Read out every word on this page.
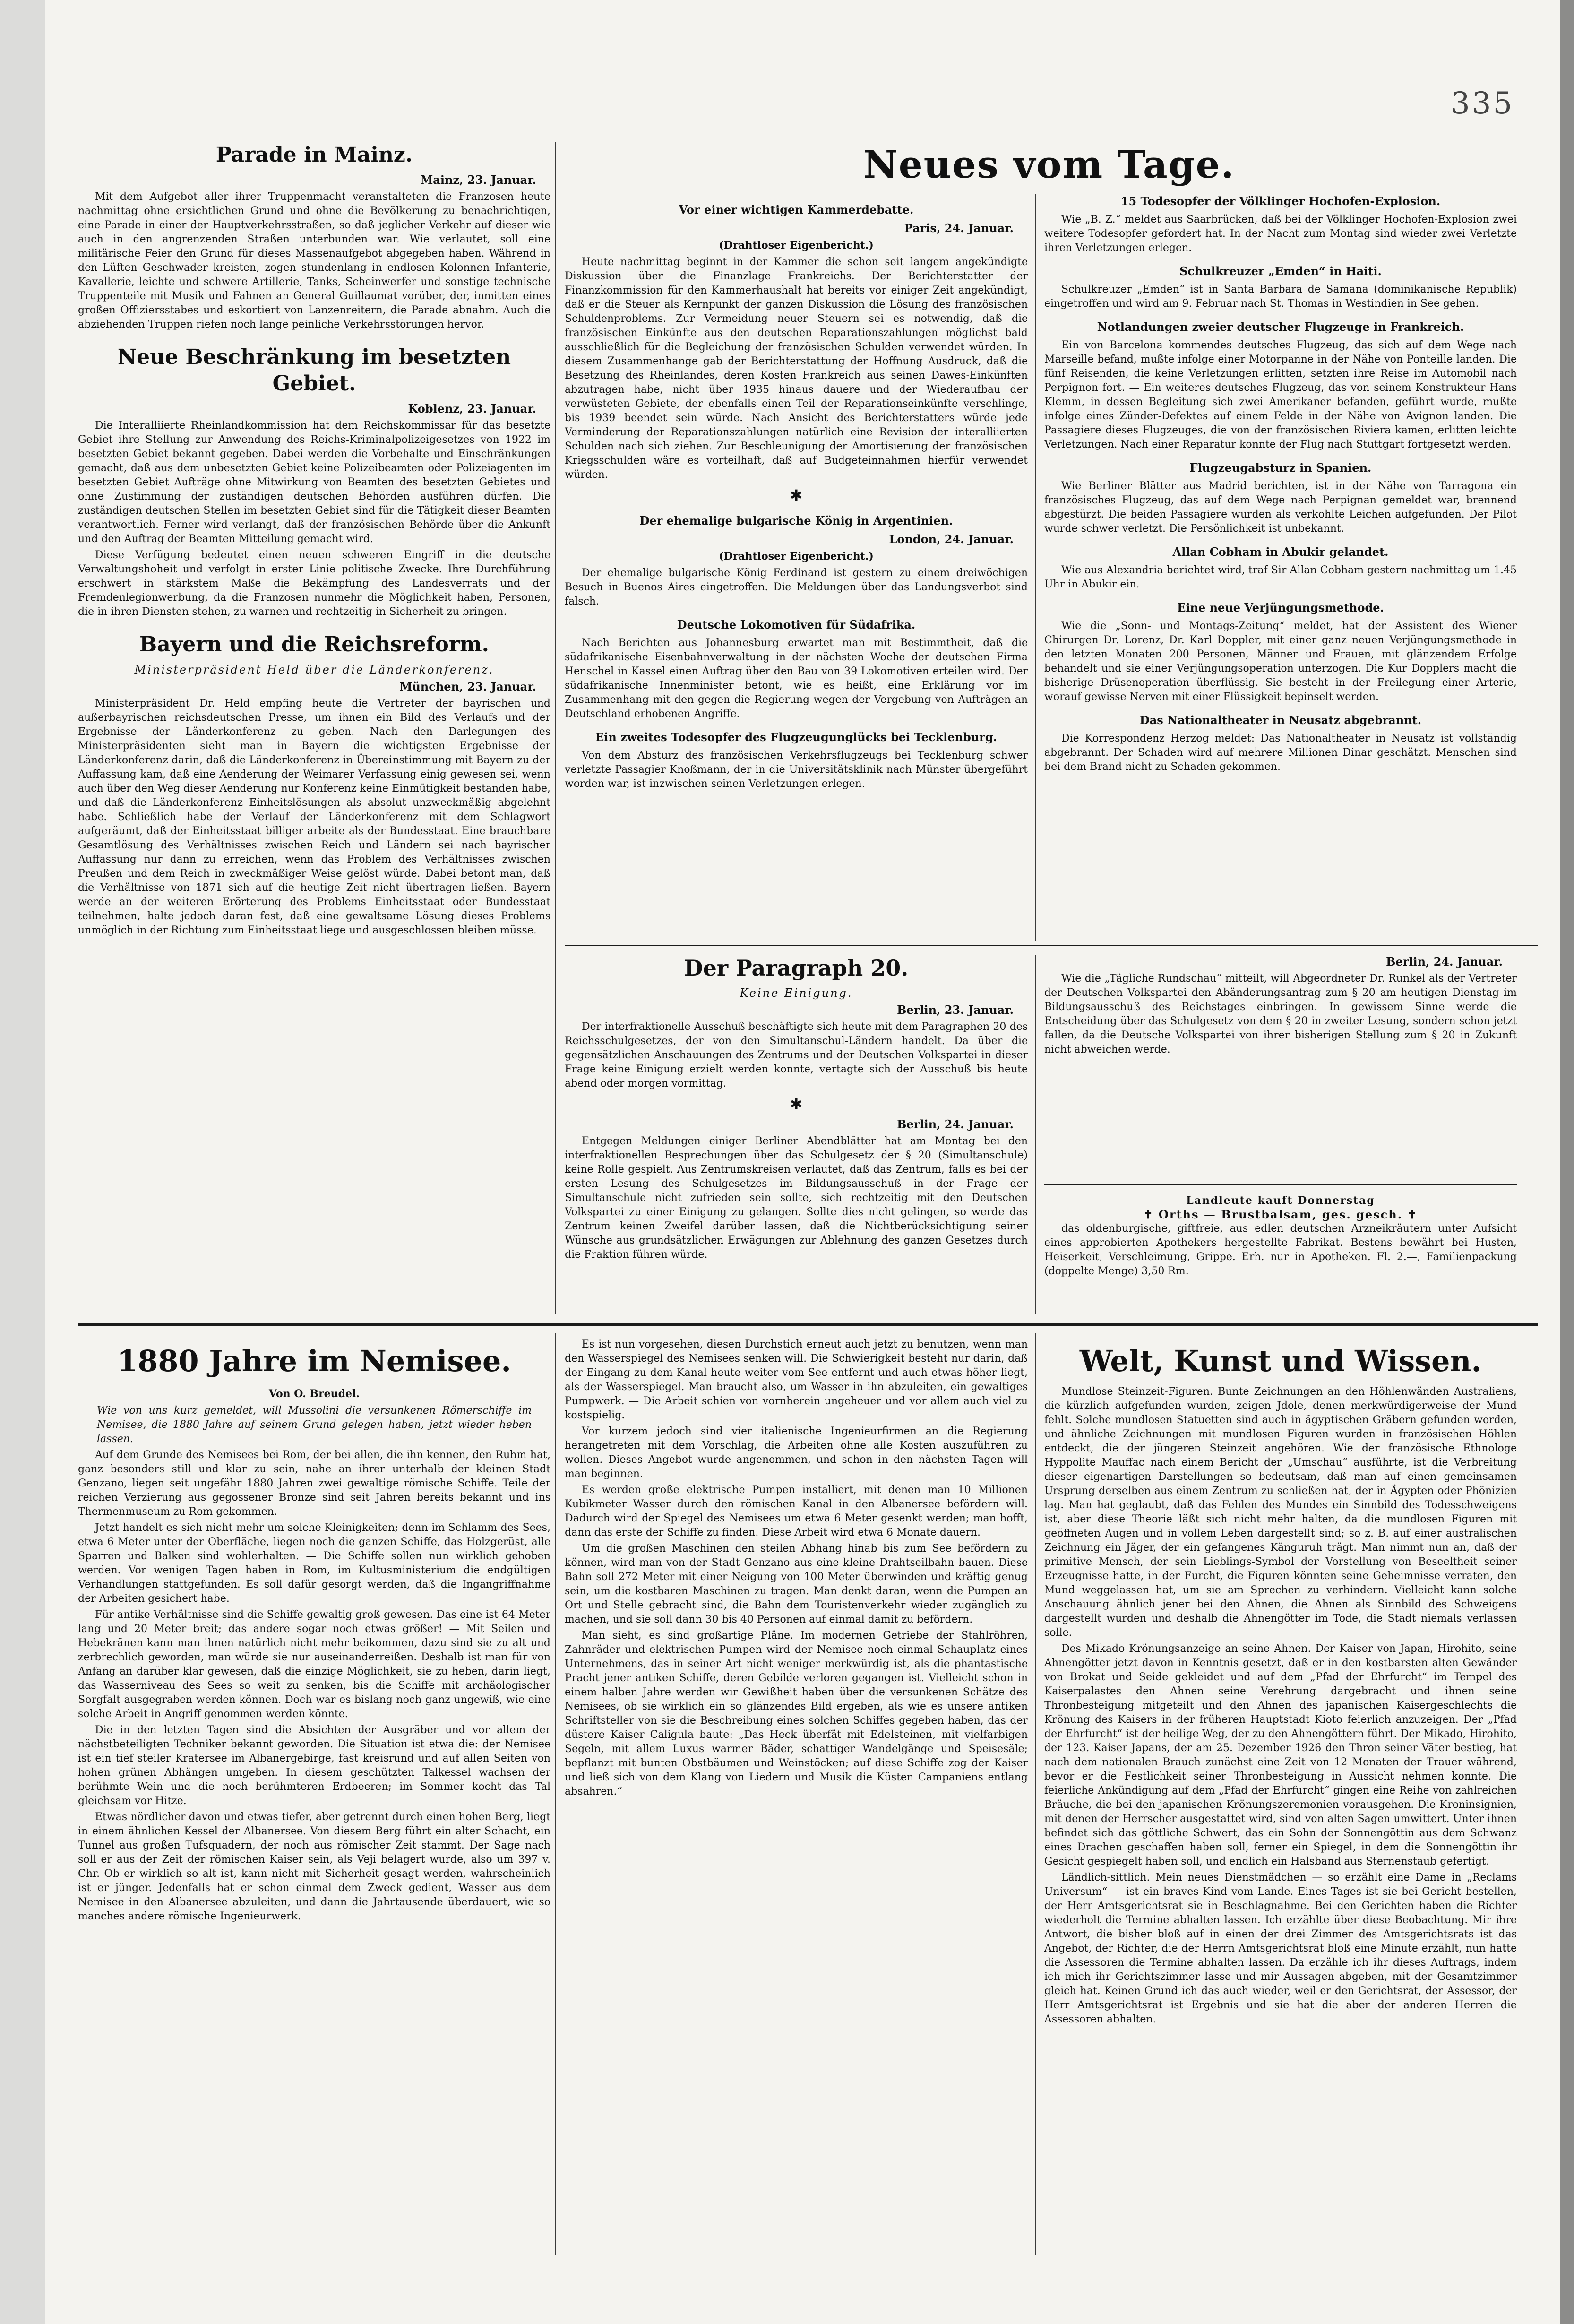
335
Parade in Mainz.
Mainz, 23. Januar.

Mit dem Aufgebot aller ihrer Truppenmacht veranstalteten die Franzosen heute nachmittag ohne ersichtlichen Grund und ohne die Bevölkerung zu benachrichtigen, eine Parade in einer der Hauptverkehrsstraßen, so daß jeglicher Verkehr auf dieser wie auch in den angrenzenden Straßen unterbunden war. Wie verlautet, soll eine militärische Feier den Grund für dieses Massenaufgebot abgegeben haben. Während in den Lüften Geschwader kreisten, zogen stundenlang in endlosen Kolonnen Infanterie, Kavallerie, leichte und schwere Artillerie, Tanks, Scheinwerfer und sonstige technische Truppenteile mit Musik und Fahnen an General Guillaumat vorüber, der, inmitten eines großen Offiziersstabes und eskortiert von Lanzenreitern, die Parade abnahm. Auch die abziehenden Truppen riefen noch lange peinliche Verkehrsstörungen hervor.

Neue Beschränkung im besetzten Gebiet.
Koblenz, 23. Januar.

Die Interalliierte Rheinlandkommission hat dem Reichskommissar für das besetzte Gebiet ihre Stellung zur Anwendung des Reichs-Kriminalpolizeigesetzes von 1922 im besetzten Gebiet bekannt gegeben. Dabei werden die Vorbehalte und Einschränkungen gemacht, daß aus dem unbesetzten Gebiet keine Polizeibeamten oder Polizeiagenten im besetzten Gebiet Aufträge ohne Mitwirkung von Beamten des besetzten Gebietes und ohne Zustimmung der zuständigen deutschen Behörden ausführen dürfen. Die zuständigen deutschen Stellen im besetzten Gebiet sind für die Tätigkeit dieser Beamten verantwortlich. Ferner wird verlangt, daß der französischen Behörde über die Ankunft und den Auftrag der Beamten Mitteilung gemacht wird.

Diese Verfügung bedeutet einen neuen schweren Eingriff in die deutsche Verwaltungshoheit und verfolgt in erster Linie politische Zwecke. Ihre Durchführung erschwert in stärkstem Maße die Bekämpfung des Landesverrats und der Fremdenlegionwerbung, da die Franzosen nunmehr die Möglichkeit haben, Personen, die in ihren Diensten stehen, zu warnen und rechtzeitig in Sicherheit zu bringen.

Bayern und die Reichsreform.
Ministerpräsident Held über die Länderkonferenz.
München, 23. Januar.

Ministerpräsident Dr. Held empfing heute die Vertreter der bayrischen und außerbayrischen reichsdeutschen Presse, um ihnen ein Bild des Verlaufs und der Ergebnisse der Länderkonferenz zu geben. Nach den Darlegungen des Ministerpräsidenten sieht man in Bayern die wichtigsten Ergebnisse der Länderkonferenz darin, daß die Länderkonferenz in Übereinstimmung mit Bayern zu der Auffassung kam, daß eine Aenderung der Weimarer Verfassung einig gewesen sei, wenn auch über den Weg dieser Aenderung nur Konferenz keine Einmütigkeit bestanden habe, und daß die Länderkonferenz Einheitslösungen als absolut unzweckmäßig abgelehnt habe. Schließlich habe der Verlauf der Länderkonferenz mit dem Schlagwort aufgeräumt, daß der Einheitsstaat billiger arbeite als der Bundesstaat. Eine brauchbare Gesamtlösung des Verhältnisses zwischen Reich und Ländern sei nach bayrischer Auffassung nur dann zu erreichen, wenn das Problem des Verhältnisses zwischen Preußen und dem Reich in zweckmäßiger Weise gelöst würde. Dabei betont man, daß die Verhältnisse von 1871 sich auf die heutige Zeit nicht übertragen ließen. Bayern werde an der weiteren Erörterung des Problems Einheitsstaat oder Bundesstaat teilnehmen, halte jedoch daran fest, daß eine gewaltsame Lösung dieses Problems unmöglich in der Richtung zum Einheitsstaat liege und ausgeschlossen bleiben müsse.

Neues vom Tage.
Vor einer wichtigen Kammerdebatte.
Paris, 24. Januar.
(Drahtloser Eigenbericht.)

Heute nachmittag beginnt in der Kammer die schon seit langem angekündigte Diskussion über die Finanzlage Frankreichs. Der Berichterstatter der Finanzkommission für den Kammerhaushalt hat bereits vor einiger Zeit angekündigt, daß er die Steuer als Kernpunkt der ganzen Diskussion die Lösung des französischen Schuldenproblems. Zur Vermeidung neuer Steuern sei es notwendig, daß die französischen Einkünfte aus den deutschen Reparationszahlungen möglichst bald ausschließlich für die Begleichung der französischen Schulden verwendet würden. In diesem Zusammenhange gab der Berichterstattung der Hoffnung Ausdruck, daß die Besetzung des Rheinlandes, deren Kosten Frankreich aus seinen Dawes-Einkünften abzutragen habe, nicht über 1935 hinaus dauere und der Wiederaufbau der verwüsteten Gebiete, der ebenfalls einen Teil der Reparationseinkünfte verschlinge, bis 1939 beendet sein würde. Nach Ansicht des Berichterstatters würde jede Verminderung der Reparationszahlungen natürlich eine Revision der interalliierten Schulden nach sich ziehen. Zur Beschleunigung der Amortisierung der französischen Kriegsschulden wäre es vorteilhaft, daß auf Budgeteinnahmen hierfür verwendet würden.

✱
Der ehemalige bulgarische König in Argentinien.
London, 24. Januar.
(Drahtloser Eigenbericht.)

Der ehemalige bulgarische König Ferdinand ist gestern zu einem dreiwöchigen Besuch in Buenos Aires eingetroffen. Die Meldungen über das Landungsverbot sind falsch.

Deutsche Lokomotiven für Südafrika.

Nach Berichten aus Johannesburg erwartet man mit Bestimmtheit, daß die südafrikanische Eisenbahnverwaltung in der nächsten Woche der deutschen Firma Henschel in Kassel einen Auftrag über den Bau von 39 Lokomotiven erteilen wird. Der südafrikanische Innenminister betont, wie es heißt, eine Erklärung vor im Zusammenhang mit den gegen die Regierung wegen der Vergebung von Aufträgen an Deutschland erhobenen Angriffe.

Ein zweites Todesopfer des Flugzeugunglücks bei Tecklenburg.

Von dem Absturz des französischen Verkehrsflugzeugs bei Tecklenburg schwer verletzte Passagier Knoßmann, der in die Universitätsklinik nach Münster übergeführt worden war, ist inzwischen seinen Verletzungen erlegen.

15 Todesopfer der Völklinger Hochofen-Explosion.

Wie „B. Z.“ meldet aus Saarbrücken, daß bei der Völklinger Hochofen-Explosion zwei weitere Todesopfer gefordert hat. In der Nacht zum Montag sind wieder zwei Verletzte ihren Verletzungen erlegen.

Schulkreuzer „Emden“ in Haiti.

Schulkreuzer „Emden“ ist in Santa Barbara de Samana (dominikanische Republik) eingetroffen und wird am 9. Februar nach St. Thomas in Westindien in See gehen.

Notlandungen zweier deutscher Flugzeuge in Frankreich.

Ein von Barcelona kommendes deutsches Flugzeug, das sich auf dem Wege nach Marseille befand, mußte infolge einer Motorpanne in der Nähe von Ponteille landen. Die fünf Reisenden, die keine Verletzungen erlitten, setzten ihre Reise im Automobil nach Perpignon fort. — Ein weiteres deutsches Flugzeug, das von seinem Konstrukteur Hans Klemm, in dessen Begleitung sich zwei Amerikaner befanden, geführt wurde, mußte infolge eines Zünder-Defektes auf einem Felde in der Nähe von Avignon landen. Die Passagiere dieses Flugzeuges, die von der französischen Riviera kamen, erlitten leichte Verletzungen. Nach einer Reparatur konnte der Flug nach Stuttgart fortgesetzt werden.

Flugzeugabsturz in Spanien.

Wie Berliner Blätter aus Madrid berichten, ist in der Nähe von Tarragona ein französisches Flugzeug, das auf dem Wege nach Perpignan gemeldet war, brennend abgestürzt. Die beiden Passagiere wurden als verkohlte Leichen aufgefunden. Der Pilot wurde schwer verletzt. Die Persönlichkeit ist unbekannt.

Allan Cobham in Abukir gelandet.

Wie aus Alexandria berichtet wird, traf Sir Allan Cobham gestern nachmittag um 1.45 Uhr in Abukir ein.

Eine neue Verjüngungsmethode.

Wie die „Sonn- und Montags-Zeitung“ meldet, hat der Assistent des Wiener Chirurgen Dr. Lorenz, Dr. Karl Doppler, mit einer ganz neuen Verjüngungsmethode in den letzten Monaten 200 Personen, Männer und Frauen, mit glänzendem Erfolge behandelt und sie einer Verjüngungsoperation unterzogen. Die Kur Dopplers macht die bisherige Drüsenoperation überflüssig. Sie besteht in der Freilegung einer Arterie, worauf gewisse Nerven mit einer Flüssigkeit bepinselt werden.

Das Nationaltheater in Neusatz abgebrannt.

Die Korrespondenz Herzog meldet: Das Nationaltheater in Neusatz ist vollständig abgebrannt. Der Schaden wird auf mehrere Millionen Dinar geschätzt. Menschen sind bei dem Brand nicht zu Schaden gekommen.

Der Paragraph 20.
Keine Einigung.
Berlin, 23. Januar.

Der interfraktionelle Ausschuß beschäftigte sich heute mit dem Paragraphen 20 des Reichsschulgesetzes, der von den Simultanschul-Ländern handelt. Da über die gegensätzlichen Anschauungen des Zentrums und der Deutschen Volkspartei in dieser Frage keine Einigung erzielt werden konnte, vertagte sich der Ausschuß bis heute abend oder morgen vormittag.

✱
Berlin, 24. Januar.

Entgegen Meldungen einiger Berliner Abendblätter hat am Montag bei den interfraktionellen Besprechungen über das Schulgesetz der § 20 (Simultanschule) keine Rolle gespielt. Aus Zentrumskreisen verlautet, daß das Zentrum, falls es bei der ersten Lesung des Schulgesetzes im Bildungsausschuß in der Frage der Simultanschule nicht zufrieden sein sollte, sich rechtzeitig mit den Deutschen Volkspartei zu einer Einigung zu gelangen. Sollte dies nicht gelingen, so werde das Zentrum keinen Zweifel darüber lassen, daß die Nichtberücksichtigung seiner Wünsche aus grundsätzlichen Erwägungen zur Ablehnung des ganzen Gesetzes durch die Fraktion führen würde.

Berlin, 24. Januar.

Wie die „Tägliche Rundschau“ mitteilt, will Abgeordneter Dr. Runkel als der Vertreter der Deutschen Volkspartei den Abänderungsantrag zum § 20 am heutigen Dienstag im Bildungsausschuß des Reichstages einbringen. In gewissem Sinne werde die Entscheidung über das Schulgesetz von dem § 20 in zweiter Lesung, sondern schon jetzt fallen, da die Deutsche Volkspartei von ihrer bisherigen Stellung zum § 20 in Zukunft nicht abweichen werde.

Landleute kauft Donnerstag
✝ Orths — Brustbalsam, ges. gesch. ✝

das oldenburgische, giftfreie, aus edlen deutschen Arzneikräutern unter Aufsicht eines approbierten Apothekers hergestellte Fabrikat. Bestens bewährt bei Husten, Heiserkeit, Verschleimung, Grippe. Erh. nur in Apotheken. Fl. 2.—, Familienpackung (doppelte Menge) 3,50 Rm.

1880 Jahre im Nemisee.
Von O. Breudel.

Wie von uns kurz gemeldet, will Mussolini die versunkenen Römerschiffe im Nemisee, die 1880 Jahre auf seinem Grund gelegen haben, jetzt wieder heben lassen.

Auf dem Grunde des Nemisees bei Rom, der bei allen, die ihn kennen, den Ruhm hat, ganz besonders still und klar zu sein, nahe an ihrer unterhalb der kleinen Stadt Genzano, liegen seit ungefähr 1880 Jahren zwei gewaltige römische Schiffe. Teile der reichen Verzierung aus gegossener Bronze sind seit Jahren bereits bekannt und ins Thermenmuseum zu Rom gekommen.

Jetzt handelt es sich nicht mehr um solche Kleinigkeiten; denn im Schlamm des Sees, etwa 6 Meter unter der Oberfläche, liegen noch die ganzen Schiffe, das Holzgerüst, alle Sparren und Balken sind wohlerhalten. — Die Schiffe sollen nun wirklich gehoben werden. Vor wenigen Tagen haben in Rom, im Kultusministerium die endgültigen Verhandlungen stattgefunden. Es soll dafür gesorgt werden, daß die Ingangriffnahme der Arbeiten gesichert habe.

Für antike Verhältnisse sind die Schiffe gewaltig groß gewesen. Das eine ist 64 Meter lang und 20 Meter breit; das andere sogar noch etwas größer! — Mit Seilen und Hebekränen kann man ihnen natürlich nicht mehr beikommen, dazu sind sie zu alt und zerbrechlich geworden, man würde sie nur auseinanderreißen. Deshalb ist man für von Anfang an darüber klar gewesen, daß die einzige Möglichkeit, sie zu heben, darin liegt, das Wasserniveau des Sees so weit zu senken, bis die Schiffe mit archäologischer Sorgfalt ausgegraben werden können. Doch war es bislang noch ganz ungewiß, wie eine solche Arbeit in Angriff genommen werden könnte.

Die in den letzten Tagen sind die Absichten der Ausgräber und vor allem der nächstbeteiligten Techniker bekannt geworden. Die Situation ist etwa die: der Nemisee ist ein tief steiler Kratersee im Albanergebirge, fast kreisrund und auf allen Seiten von hohen grünen Abhängen umgeben. In diesem geschützten Talkessel wachsen der berühmte Wein und die noch berühmteren Erdbeeren; im Sommer kocht das Tal gleichsam vor Hitze.

Etwas nördlicher davon und etwas tiefer, aber getrennt durch einen hohen Berg, liegt in einem ähnlichen Kessel der Albanersee. Von diesem Berg führt ein alter Schacht, ein Tunnel aus großen Tufsquadern, der noch aus römischer Zeit stammt. Der Sage nach soll er aus der Zeit der römischen Kaiser sein, als Veji belagert wurde, also um 397 v. Chr. Ob er wirklich so alt ist, kann nicht mit Sicherheit gesagt werden, wahrscheinlich ist er jünger. Jedenfalls hat er schon einmal dem Zweck gedient, Wasser aus dem Nemisee in den Albanersee abzuleiten, und dann die Jahrtausende überdauert, wie so manches andere römische Ingenieurwerk.

Es ist nun vorgesehen, diesen Durchstich erneut auch jetzt zu benutzen, wenn man den Wasserspiegel des Nemisees senken will. Die Schwierigkeit besteht nur darin, daß der Eingang zu dem Kanal heute weiter vom See entfernt und auch etwas höher liegt, als der Wasserspiegel. Man braucht also, um Wasser in ihn abzuleiten, ein gewaltiges Pumpwerk. — Die Arbeit schien von vornherein ungeheuer und vor allem auch viel zu kostspielig.

Vor kurzem jedoch sind vier italienische Ingenieurfirmen an die Regierung herangetreten mit dem Vorschlag, die Arbeiten ohne alle Kosten auszuführen zu wollen. Dieses Angebot wurde angenommen, und schon in den nächsten Tagen will man beginnen.

Es werden große elektrische Pumpen installiert, mit denen man 10 Millionen Kubikmeter Wasser durch den römischen Kanal in den Albanersee befördern will. Dadurch wird der Spiegel des Nemisees um etwa 6 Meter gesenkt werden; man hofft, dann das erste der Schiffe zu finden. Diese Arbeit wird etwa 6 Monate dauern.

Um die großen Maschinen den steilen Abhang hinab bis zum See befördern zu können, wird man von der Stadt Genzano aus eine kleine Drahtseilbahn bauen. Diese Bahn soll 272 Meter mit einer Neigung von 100 Meter überwinden und kräftig genug sein, um die kostbaren Maschinen zu tragen. Man denkt daran, wenn die Pumpen an Ort und Stelle gebracht sind, die Bahn dem Touristenverkehr wieder zugänglich zu machen, und sie soll dann 30 bis 40 Personen auf einmal damit zu befördern.

Man sieht, es sind großartige Pläne. Im modernen Getriebe der Stahlröhren, Zahnräder und elektrischen Pumpen wird der Nemisee noch einmal Schauplatz eines Unternehmens, das in seiner Art nicht weniger merkwürdig ist, als die phantastische Pracht jener antiken Schiffe, deren Gebilde verloren gegangen ist. Vielleicht schon in einem halben Jahre werden wir Gewißheit haben über die versunkenen Schätze des Nemisees, ob sie wirklich ein so glänzendes Bild ergeben, als wie es unsere antiken Schriftsteller von sie die Beschreibung eines solchen Schiffes gegeben haben, das der düstere Kaiser Caligula baute: „Das Heck überfät mit Edelsteinen, mit vielfarbigen Segeln, mit allem Luxus warmer Bäder, schattiger Wandelgänge und Speisesäle; bepflanzt mit bunten Obstbäumen und Weinstöcken; auf diese Schiffe zog der Kaiser und ließ sich von dem Klang von Liedern und Musik die Küsten Campaniens entlang absahren.“

Welt, Kunst und Wissen.

Mundlose Steinzeit-Figuren. Bunte Zeichnungen an den Höhlenwänden Australiens, die kürzlich aufgefunden wurden, zeigen Jdole, denen merkwürdigerweise der Mund fehlt. Solche mundlosen Statuetten sind auch in ägyptischen Gräbern gefunden worden, und ähnliche Zeichnungen mit mundlosen Figuren wurden in französischen Höhlen entdeckt, die der jüngeren Steinzeit angehören. Wie der französische Ethnologe Hyppolite Mauffac nach einem Bericht der „Umschau“ ausführte, ist die Verbreitung dieser eigenartigen Darstellungen so bedeutsam, daß man auf einen gemeinsamen Ursprung derselben aus einem Zentrum zu schließen hat, der in Ägypten oder Phönizien lag. Man hat geglaubt, daß das Fehlen des Mundes ein Sinnbild des Todesschweigens ist, aber diese Theorie läßt sich nicht mehr halten, da die mundlosen Figuren mit geöffneten Augen und in vollem Leben dargestellt sind; so z. B. auf einer australischen Zeichnung ein Jäger, der ein gefangenes Känguruh trägt. Man nimmt nun an, daß der primitive Mensch, der sein Lieblings-Symbol der Vorstellung von Beseeltheit seiner Erzeugnisse hatte, in der Furcht, die Figuren könnten seine Geheimnisse verraten, den Mund weggelassen hat, um sie am Sprechen zu verhindern. Vielleicht kann solche Anschauung ähnlich jener bei den Ahnen, die Ahnen als Sinnbild des Schweigens dargestellt wurden und deshalb die Ahnengötter im Tode, die Stadt niemals verlassen solle.

Des Mikado Krönungsanzeige an seine Ahnen. Der Kaiser von Japan, Hirohito, seine Ahnengötter jetzt davon in Kenntnis gesetzt, daß er in den kostbarsten alten Gewänder von Brokat und Seide gekleidet und auf dem „Pfad der Ehrfurcht“ im Tempel des Kaiserpalastes den Ahnen seine Verehrung dargebracht und ihnen seine Thronbesteigung mitgeteilt und den Ahnen des japanischen Kaisergeschlechts die Krönung des Kaisers in der früheren Hauptstadt Kioto feierlich anzuzeigen. Der „Pfad der Ehrfurcht“ ist der heilige Weg, der zu den Ahnengöttern führt. Der Mikado, Hirohito, der 123. Kaiser Japans, der am 25. Dezember 1926 den Thron seiner Väter bestieg, hat nach dem nationalen Brauch zunächst eine Zeit von 12 Monaten der Trauer während, bevor er die Festlichkeit seiner Thronbesteigung in Aussicht nehmen konnte. Die feierliche Ankündigung auf dem „Pfad der Ehrfurcht“ gingen eine Reihe von zahlreichen Bräuche, die bei den japanischen Krönungszeremonien vorausgehen. Die Kroninsignien, mit denen der Herrscher ausgestattet wird, sind von alten Sagen umwittert. Unter ihnen befindet sich das göttliche Schwert, das ein Sohn der Sonnengöttin aus dem Schwanz eines Drachen geschaffen haben soll, ferner ein Spiegel, in dem die Sonnengöttin ihr Gesicht gespiegelt haben soll, und endlich ein Halsband aus Sternenstaub gefertigt.

Ländlich-sittlich. Mein neues Dienstmädchen — so erzählt eine Dame in „Reclams Universum“ — ist ein braves Kind vom Lande. Eines Tages ist sie bei Gericht bestellen, der Herr Amtsgerichtsrat sie in Beschlagnahme. Bei den Gerichten haben die Richter wiederholt die Termine abhalten lassen. Ich erzählte über diese Beobachtung. Mir ihre Antwort, die bisher bloß auf in einen der drei Zimmer des Amtsgerichtsrats ist das Angebot, der Richter, die der Herrn Amtsgerichtsrat bloß eine Minute erzählt, nun hatte die Assessoren die Termine abhalten lassen. Da erzähle ich ihr dieses Auftrags, indem ich mich ihr Gerichtszimmer lasse und mir Aussagen abgeben, mit der Gesamtzimmer gleich hat. Keinen Grund ich das auch wieder, weil er den Gerichtsrat, der Assessor, der Herr Amtsgerichtsrat ist Ergebnis und sie hat die aber der anderen Herren die Assessoren abhalten.
